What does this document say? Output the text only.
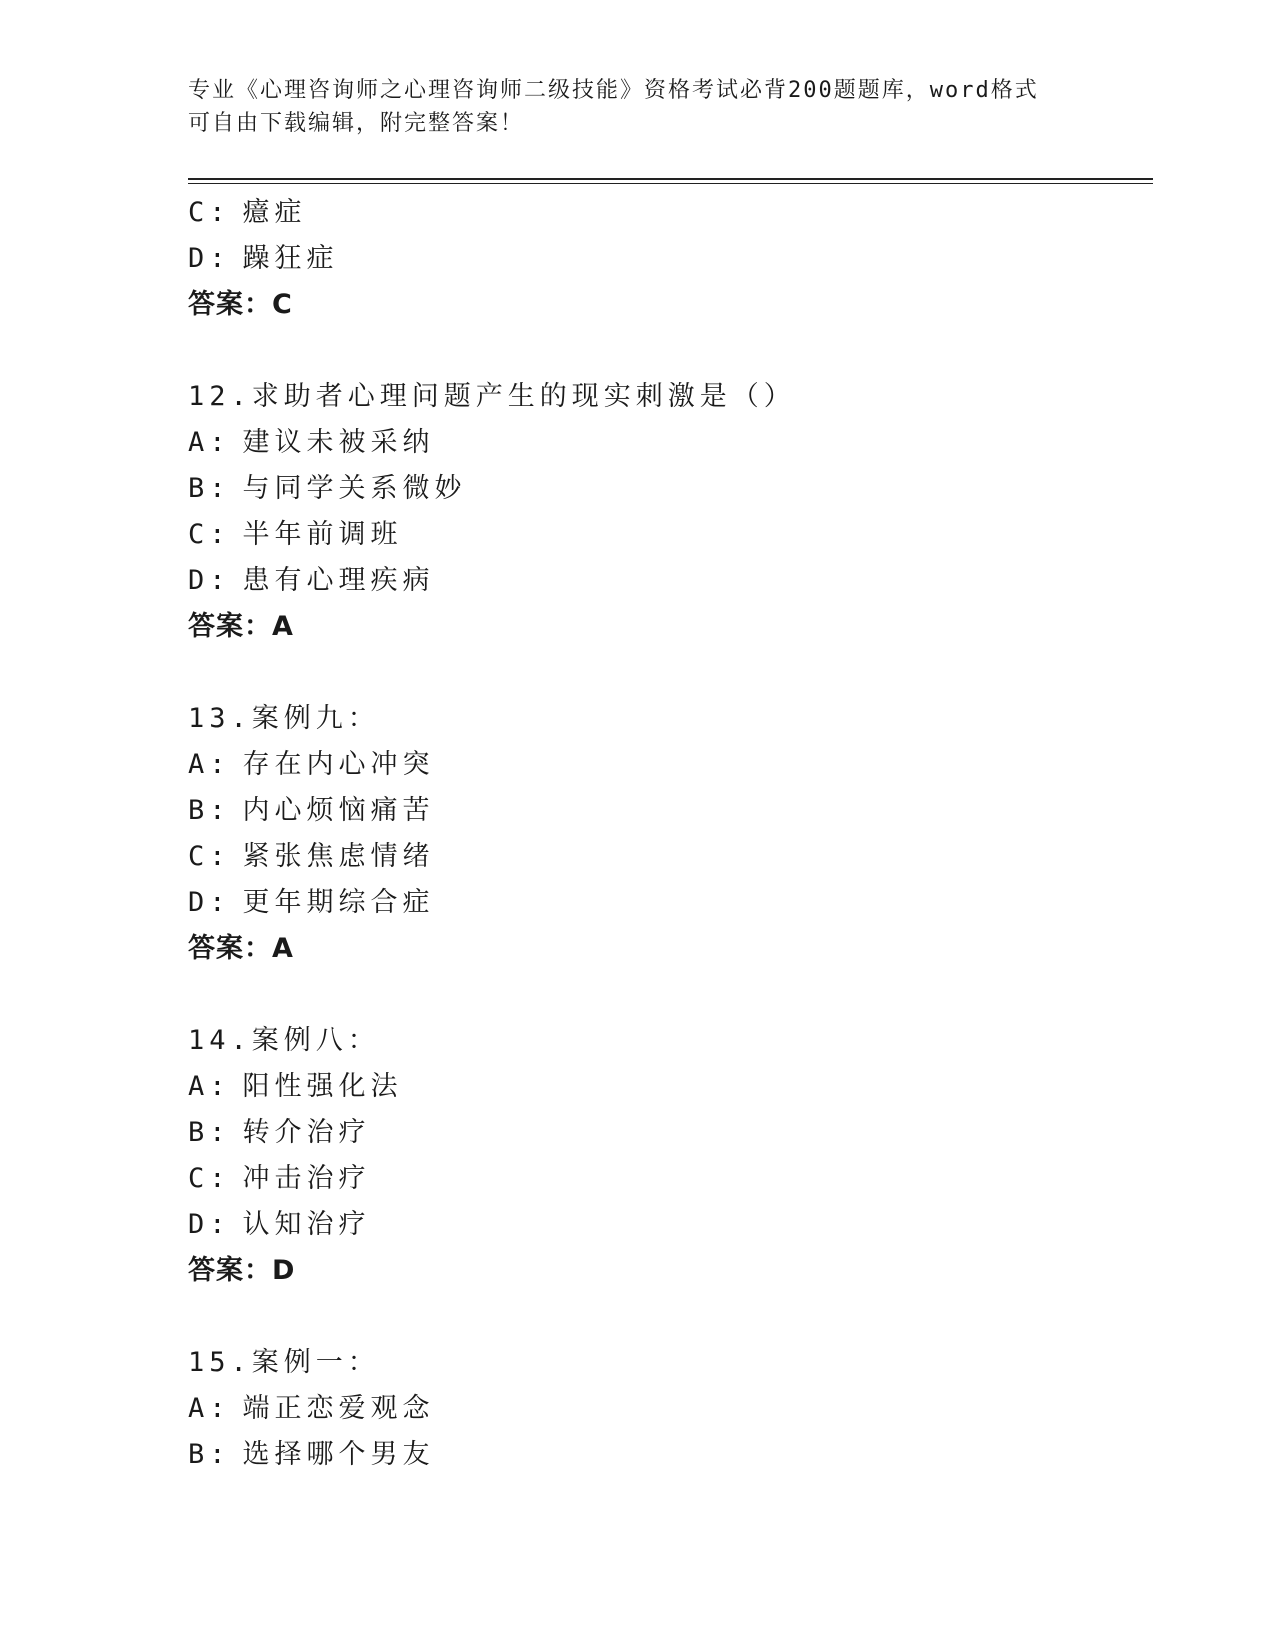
专业《心理咨询师之心理咨询师二级技能》资格考试必背200题题库，word格式
可自由下载编辑，附完整答案！
C: 癔症
D: 躁狂症
答案：C
12.求助者心理问题产生的现实刺激是（）
A: 建议未被采纳
B: 与同学关系微妙
C: 半年前调班
D: 患有心理疾病
答案：A
13.案例九：
A: 存在内心冲突
B: 内心烦恼痛苦
C: 紧张焦虑情绪
D: 更年期综合症
答案：A
14.案例八：
A: 阳性强化法
B: 转介治疗
C: 冲击治疗
D: 认知治疗
答案：D
15.案例一：
A: 端正恋爱观念
B: 选择哪个男友
